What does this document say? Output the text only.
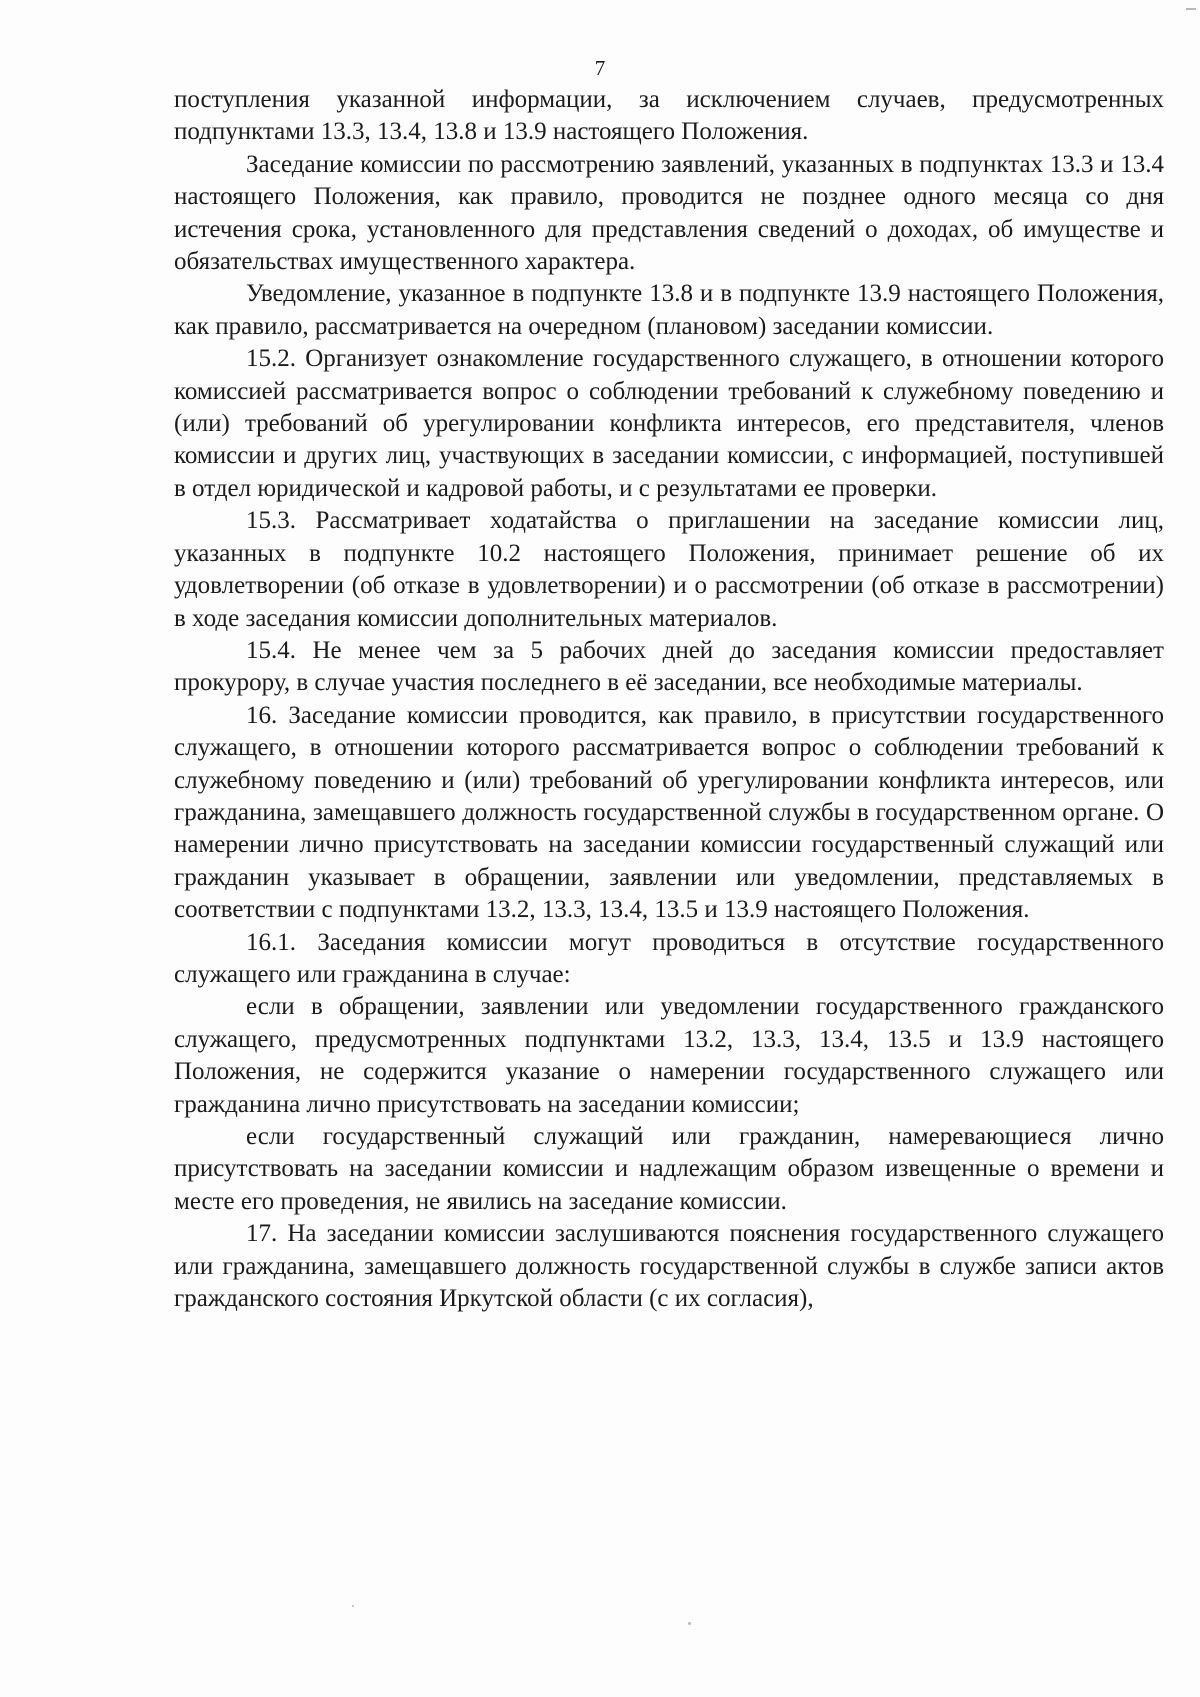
7

поступления указанной информации, за исключением случаев, предусмотренных подпунктами 13.3, 13.4, 13.8 и 13.9 настоящего Положения.

Заседание комиссии по рассмотрению заявлений, указанных в подпунктах 13.3 и 13.4 настоящего Положения, как правило, проводится не позднее одного месяца со дня истечения срока, установленного для представления сведений о доходах, об имуществе и обязательствах имущественного характера.

Уведомление, указанное в подпункте 13.8 и в подпункте 13.9 настоящего Положения, как правило, рассматривается на очередном (плановом) заседании комиссии.

15.2. Организует ознакомление государственного служащего, в отношении которого комиссией рассматривается вопрос о соблюдении требований к служебному поведению и (или) требований об урегулировании конфликта интересов, его представителя, членов комиссии и других лиц, участвующих в заседании комиссии, с информацией, поступившей в отдел юридической и кадровой работы, и с результатами ее проверки.

15.3. Рассматривает ходатайства о приглашении на заседание комиссии лиц, указанных в подпункте 10.2 настоящего Положения, принимает решение об их удовлетворении (об отказе в удовлетворении) и о рассмотрении (об отказе в рассмотрении) в ходе заседания комиссии дополнительных материалов.

15.4. Не менее чем за 5 рабочих дней до заседания комиссии предоставляет прокурору, в случае участия последнего в её заседании, все необходимые материалы.

16. Заседание комиссии проводится, как правило, в присутствии государственного служащего, в отношении которого рассматривается вопрос о соблюдении требований к служебному поведению и (или) требований об урегулировании конфликта интересов, или гражданина, замещавшего должность государственной службы в государственном органе. О намерении лично присутствовать на заседании комиссии государственный служащий или гражданин указывает в обращении, заявлении или уведомлении, представляемых в соответствии с подпунктами 13.2, 13.3, 13.4, 13.5 и 13.9 настоящего Положения.

16.1. Заседания комиссии могут проводиться в отсутствие государственного служащего или гражданина в случае:

если в обращении, заявлении или уведомлении государственного гражданского служащего, предусмотренных подпунктами 13.2, 13.3, 13.4, 13.5 и 13.9 настоящего Положения, не содержится указание о намерении государственного служащего или гражданина лично присутствовать на заседании комиссии;

если государственный служащий или гражданин, намеревающиеся лично присутствовать на заседании комиссии и надлежащим образом извещенные о времени и месте его проведения, не явились на заседание комиссии.

17. На заседании комиссии заслушиваются пояснения государственного служащего или гражданина, замещавшего должность государственной службы в службе записи актов гражданского состояния Иркутской области (с их согласия),
